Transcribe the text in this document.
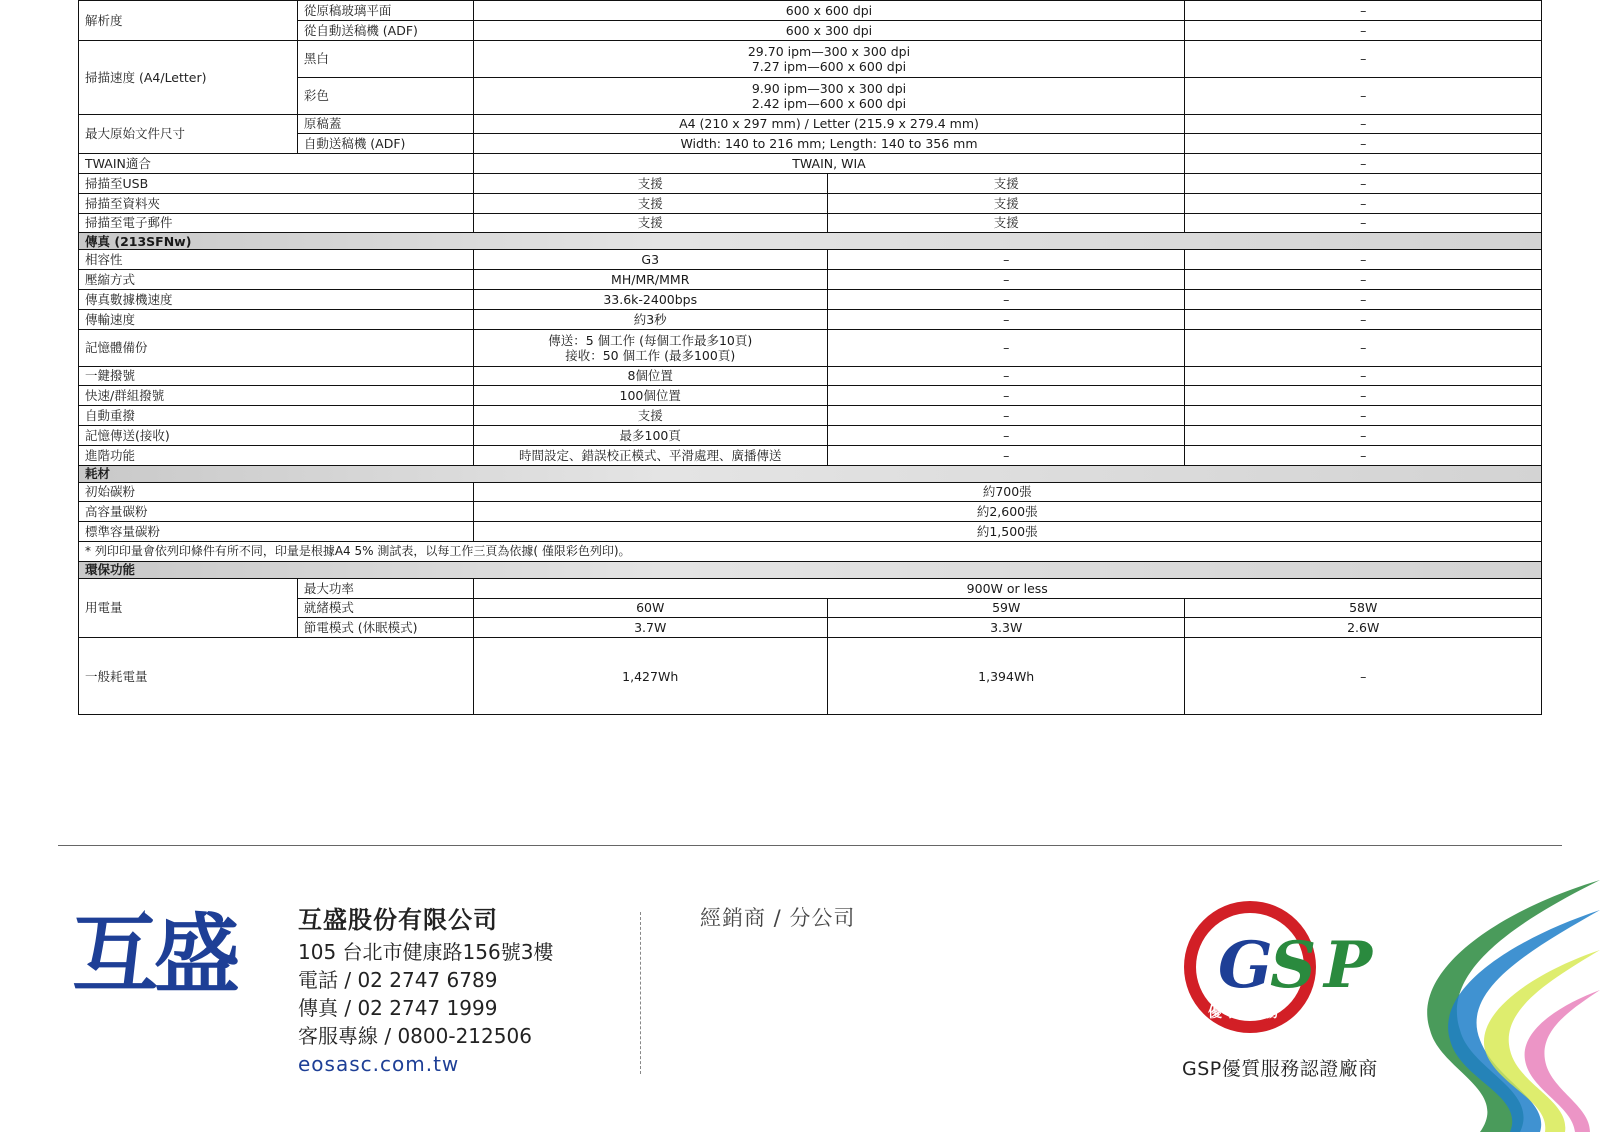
解析度	從原稿玻璃平面	600 x 600 dpi		–
	從自動送稿機 (ADF)	600 x 300 dpi		–
掃描速度 (A4/Letter)	黑白	29.70 ipm—300 x 300 dpi
7.27 ipm—600 x 600 dpi		–
	彩色	9.90 ipm—300 x 300 dpi
2.42 ipm—600 x 600 dpi		–
最大原始文件尺寸	原稿蓋	A4 (210 x 297 mm) / Letter (215.9 x 279.4 mm)		–
	自動送稿機 (ADF)	Width: 140 to 216 mm; Length: 140 to 356 mm		–
TWAIN適合		TWAIN, WIA		–
掃描至USB		支援	支援	–
掃描至資料夾		支援	支援	–
掃描至電子郵件		支援	支援	–
傳真 (213SFNw)				
相容性		G3	–	–
壓縮方式		MH/MR/MMR	–	–
傳真數據機速度		33.6k-2400bps	–	–
傳輸速度		約3秒	–	–
記憶體備份		傳送：5 個工作 (每個工作最多10頁)
接收：50 個工作 (最多100頁)	–	–
一鍵撥號		8個位置	–	–
快速/群組撥號		100個位置	–	–
自動重撥		支援	–	–
記憶傳送(接收)		最多100頁	–	–
進階功能		時間設定、錯誤校正模式、平滑處理、廣播傳送	–	–
耗材				
初始碳粉		約700張		
高容量碳粉		約2,600張		
標準容量碳粉		約1,500張		
* 列印印量會依列印條件有所不同，印量是根據A4 5% 測試表，以每工作三頁為依據( 僅限彩色列印)。				
環保功能				
用電量	最大功率	900W or less		
	就緒模式	60W	59W	58W
	節電模式 (休眠模式)	3.7W	3.3W	2.6W
一般耗電量		1,427Wh	1,394Wh	–
互盛	互盛股份有限公司
105 台北市健康路156號3樓
電話 / 02 2747 6789
傳真 / 02 2747 1999
客服專線 / 0800-212506
eosasc.com.tw
經銷商 / 分公司
G
S P
優 良 服 務
GSP優質服務認證廠商
